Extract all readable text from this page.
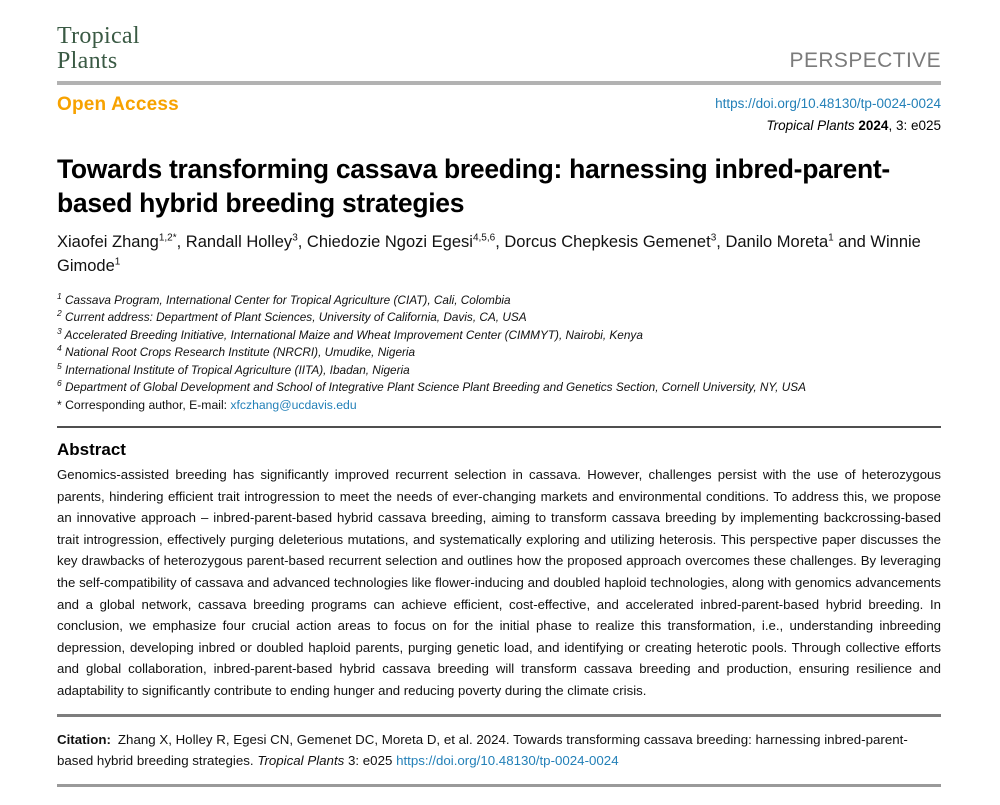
Tropical
Plants	PERSPECTIVE
Open Access	https://doi.org/10.48130/tp-0024-0024
Tropical Plants 2024, 3: e025
Towards transforming cassava breeding: harnessing inbred-parent-based hybrid breeding strategies

Xiaofei Zhang$^{1,2*}$, Randall Holley$^3$, Chiedozie Ngozi Egesi$^{4,5,6}$, Dorcus Chepkesis Gemenet$^3$, Danilo Moreta$^1$ and Winnie Gimode$^1$

$^1$ Cassava Program, International Center for Tropical Agriculture (CIAT), Cali, Colombia
$^2$ Current address: Department of Plant Sciences, University of California, Davis, CA, USA
$^3$ Accelerated Breeding Initiative, International Maize and Wheat Improvement Center (CIMMYT), Nairobi, Kenya
$^4$ National Root Crops Research Institute (NRCRI), Umudike, Nigeria
$^5$ International Institute of Tropical Agriculture (IITA), Ibadan, Nigeria
$^6$ Department of Global Development and School of Integrative Plant Science Plant Breeding and Genetics Section, Cornell University, NY, USA
* Corresponding author, E-mail: xfczhang@ucdavis.edu
Abstract

Genomics-assisted breeding has significantly improved recurrent selection in cassava. However, challenges persist with the use of heterozygous parents, hindering efficient trait introgression to meet the needs of ever-changing markets and environmental conditions. To address this, we propose an innovative approach – inbred-parent-based hybrid cassava breeding, aiming to transform cassava breeding by implementing backcrossing-based trait introgression, effectively purging deleterious mutations, and systematically exploring and utilizing heterosis. This perspective paper discusses the key drawbacks of heterozygous parent-based recurrent selection and outlines how the proposed approach overcomes these challenges. By leveraging the self-compatibility of cassava and advanced technologies like flower-inducing and doubled haploid technologies, along with genomics advancements and a global network, cassava breeding programs can achieve efficient, cost-effective, and accelerated inbred-parent-based hybrid breeding. In conclusion, we emphasize four crucial action areas to focus on for the initial phase to realize this transformation, i.e., understanding inbreeding depression, developing inbred or doubled haploid parents, purging genetic load, and identifying or creating heterotic pools. Through collective efforts and global collaboration, inbred-parent-based hybrid cassava breeding will transform cassava breeding and production, ensuring resilience and adaptability to significantly contribute to ending hunger and reducing poverty during the climate crisis.

Citation: Zhang X, Holley R, Egesi CN, Gemenet DC, Moreta D, et al. 2024. Towards transforming cassava breeding: harnessing inbred-parent-based hybrid breeding strategies. Tropical Plants 3: e025 https://doi.org/10.48130/tp-0024-0024
